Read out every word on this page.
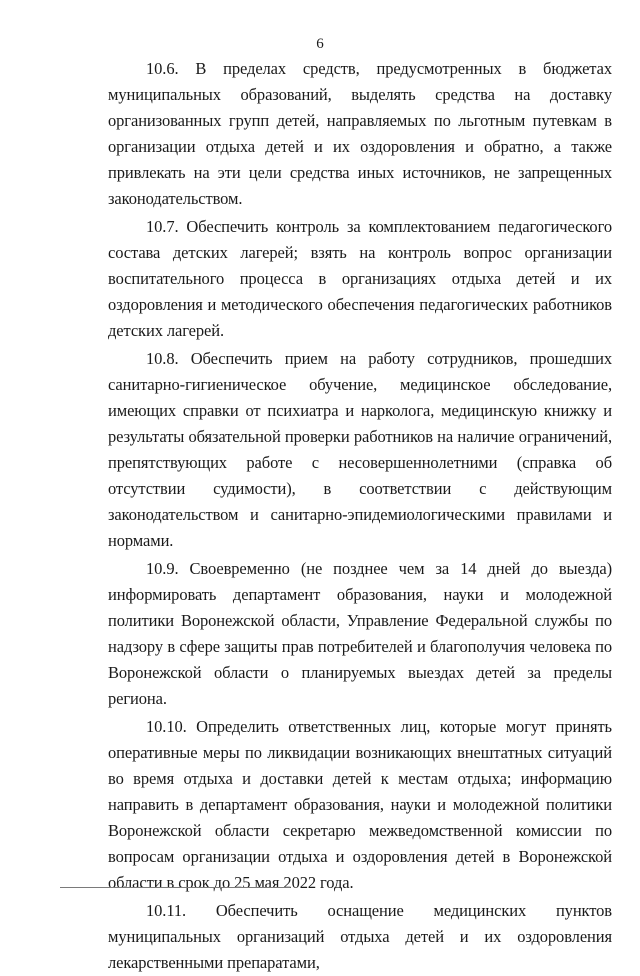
6

10.6. В пределах средств, предусмотренных в бюджетах муниципальных образований, выделять средства на доставку организованных групп детей, направляемых по льготным путевкам в организации отдыха детей и их оздоровления и обратно, а также привлекать на эти цели средства иных источников, не запрещенных законодательством.

10.7. Обеспечить контроль за комплектованием педагогического состава детских лагерей; взять на контроль вопрос организации воспитательного процесса в организациях отдыха детей и их оздоровления и методического обеспечения педагогических работников детских лагерей.

10.8. Обеспечить прием на работу сотрудников, прошедших санитарно-гигиеническое обучение, медицинское обследование, имеющих справки от психиатра и нарколога, медицинскую книжку и результаты обязательной проверки работников на наличие ограничений, препятствующих работе с несовершеннолетними (справка об отсутствии судимости), в соответствии с действующим законодательством и санитарно-эпидемиологическими правилами и нормами.

10.9. Своевременно (не позднее чем за 14 дней до выезда) информировать департамент образования, науки и молодежной политики Воронежской области, Управление Федеральной службы по надзору в сфере защиты прав потребителей и благополучия человека по Воронежской области о планируемых выездах детей за пределы региона.

10.10. Определить ответственных лиц, которые могут принять оперативные меры по ликвидации возникающих внештатных ситуаций во время отдыха и доставки детей к местам отдыха; информацию направить в департамент образования, науки и молодежной политики Воронежской области секретарю межведомственной комиссии по вопросам организации отдыха и оздоровления детей в Воронежской области в срок до 25 мая 2022 года.

10.11. Обеспечить оснащение медицинских пунктов муниципальных организаций отдыха детей и их оздоровления лекарственными препаратами,
